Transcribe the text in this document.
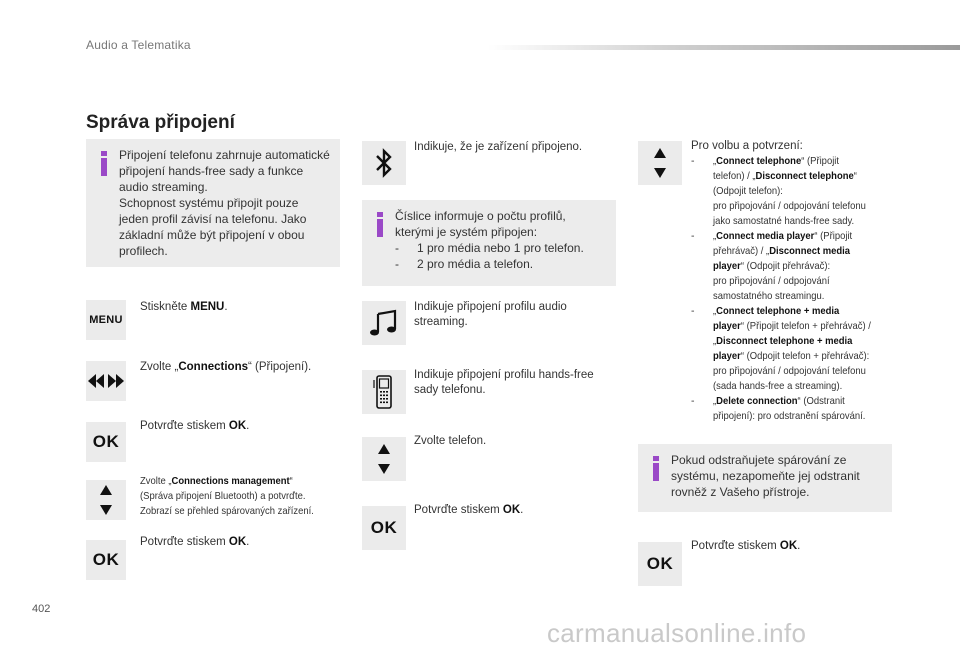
Audio a Telematika
Správa připojení
Připojení telefonu zahrnuje automatické
připojení hands-free sady a funkce
audio streaming.
Schopnost systému připojit pouze
jeden profil závisí na telefonu. Jako
základní může být připojení v obou
profilech.
MENU
Stiskněte MENU.
Zvolte „Connections“ (Připojení).
OK
Potvrďte stiskem OK.
Zvolte „Connections management“
(Správa připojení Bluetooth) a potvrďte.
Zobrazí se přehled spárovaných zařízení.
OK
Potvrďte stiskem OK.
Indikuje, že je zařízení připojeno.
Číslice informuje o počtu profilů,
kterými je systém připojen:
- 1 pro média nebo 1 pro telefon.
- 2 pro média a telefon.
Indikuje připojení profilu audio
streaming.
Indikuje připojení profilu hands-free
sady telefonu.
Zvolte telefon.
OK
Potvrďte stiskem OK.
Pro volbu a potvrzení:
- „Connect telephone“ (Připojit
telefon) / „Disconnect telephone“
(Odpojit telefon):
pro připojování / odpojování telefonu
jako samostatné hands-free sady.
- „Connect media player“ (Připojit
přehrávač) / „Disconnect media
player“ (Odpojit přehrávač):
pro připojování / odpojování
samostatného streamingu.
- „Connect telephone + media
player“ (Připojit telefon + přehrávač) /
„Disconnect telephone + media
player“ (Odpojit telefon + přehrávač):
pro připojování / odpojování telefonu
(sada hands-free a streaming).
- „Delete connection“ (Odstranit
připojení): pro odstranění spárování.
Pokud odstraňujete spárování ze
systému, nezapomeňte jej odstranit
rovněž z Vašeho přístroje.
OK
Potvrďte stiskem OK.
402
carmanualsonline.info
